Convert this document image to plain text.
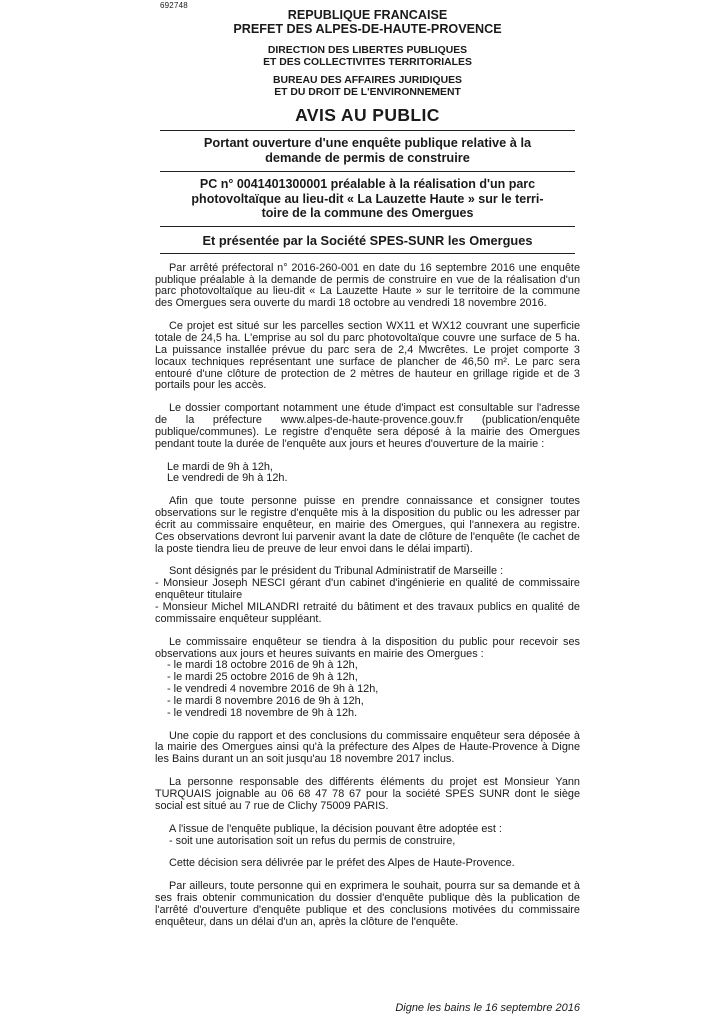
692748
REPUBLIQUE FRANCAISE
PREFET DES ALPES-DE-HAUTE-PROVENCE
DIRECTION DES LIBERTES PUBLIQUES
ET DES COLLECTIVITES TERRITORIALES
BUREAU DES AFFAIRES JURIDIQUES
ET DU DROIT DE L'ENVIRONNEMENT
AVIS AU PUBLIC
Portant ouverture d'une enquête publique relative à la
demande de permis de construire
PC n° 0041401300001 préalable à la réalisation d'un parc
photovoltaïque au lieu-dit « La Lauzette Haute » sur le terri-
toire de la commune des Omergues
Et présentée par la Société SPES-SUNR les Omergues

Par arrêté préfectoral n° 2016-260-001 en date du 16 septembre 2016 une enquête publique préalable à la demande de permis de construire en vue de la réalisation d'un parc photovoltaïque au lieu-dit « La Lauzette Haute » sur le territoire de la commune des Omergues sera ouverte du mardi 18 octobre au vendredi 18 novembre 2016.

Ce projet est situé sur les parcelles section WX11 et WX12 couvrant une superficie totale de 24,5 ha. L'emprise au sol du parc photovoltaïque couvre une surface de 5 ha. La puissance installée prévue du parc sera de 2,4 Mwcrêtes. Le projet comporte 3 locaux techniques représentant une surface de plancher de 46,50 m². Le parc sera entouré d'une clôture de protection de 2 mètres de hauteur en grillage rigide et de 3 portails pour les accès.

Le dossier comportant notamment une étude d'impact est consultable sur l'adresse de la préfecture www.alpes-de-haute-provence.gouv.fr (publication/enquête publique/communes). Le registre d'enquête sera déposé à la mairie des Omergues pendant toute la durée de l'enquête aux jours et heures d'ouverture de la mairie :

Le mardi de 9h à 12h,
Le vendredi de 9h à 12h.

Afin que toute personne puisse en prendre connaissance et consigner toutes observations sur le registre d'enquête mis à la disposition du public ou les adresser par écrit au commissaire enquêteur, en mairie des Omergues, qui l'annexera au registre. Ces observations devront lui parvenir avant la date de clôture de l'enquête (le cachet de la poste tiendra lieu de preuve de leur envoi dans le délai imparti).

Sont désignés par le président du Tribunal Administratif de Marseille :

- Monsieur Joseph NESCI gérant d'un cabinet d'ingénierie en qualité de commissaire enquêteur titulaire

- Monsieur Michel MILANDRI retraité du bâtiment et des travaux publics en qualité de commissaire enquêteur suppléant.

Le commissaire enquêteur se tiendra à la disposition du public pour recevoir ses observations aux jours et heures suivants en mairie des Omergues :

- le mardi 18 octobre 2016 de 9h à 12h,
- le mardi 25 octobre 2016 de 9h à 12h,
- le vendredi 4 novembre 2016 de 9h à 12h,
- le mardi 8 novembre 2016 de 9h à 12h,
- le vendredi 18 novembre de 9h à 12h.

Une copie du rapport et des conclusions du commissaire enquêteur sera déposée à la mairie des Omergues ainsi qu'à la préfecture des Alpes de Haute-Provence à Digne les Bains durant un an soit jusqu'au 18 novembre 2017 inclus.

La personne responsable des différents éléments du projet est Monsieur Yann TURQUAIS joignable au 06 68 47 78 67 pour la société SPES SUNR dont le siège social est situé au 7 rue de Clichy 75009 PARIS.

A l'issue de l'enquête publique, la décision pouvant être adoptée est :

- soit une autorisation soit un refus du permis de construire,

Cette décision sera délivrée par le préfet des Alpes de Haute-Provence.

Par ailleurs, toute personne qui en exprimera le souhait, pourra sur sa demande et à ses frais obtenir communication du dossier d'enquête publique dès la publication de l'arrêté d'ouverture d'enquête publique et des conclusions motivées du commissaire enquêteur, dans un délai d'un an, après la clôture de l'enquête.

Digne les bains le 16 septembre 2016
